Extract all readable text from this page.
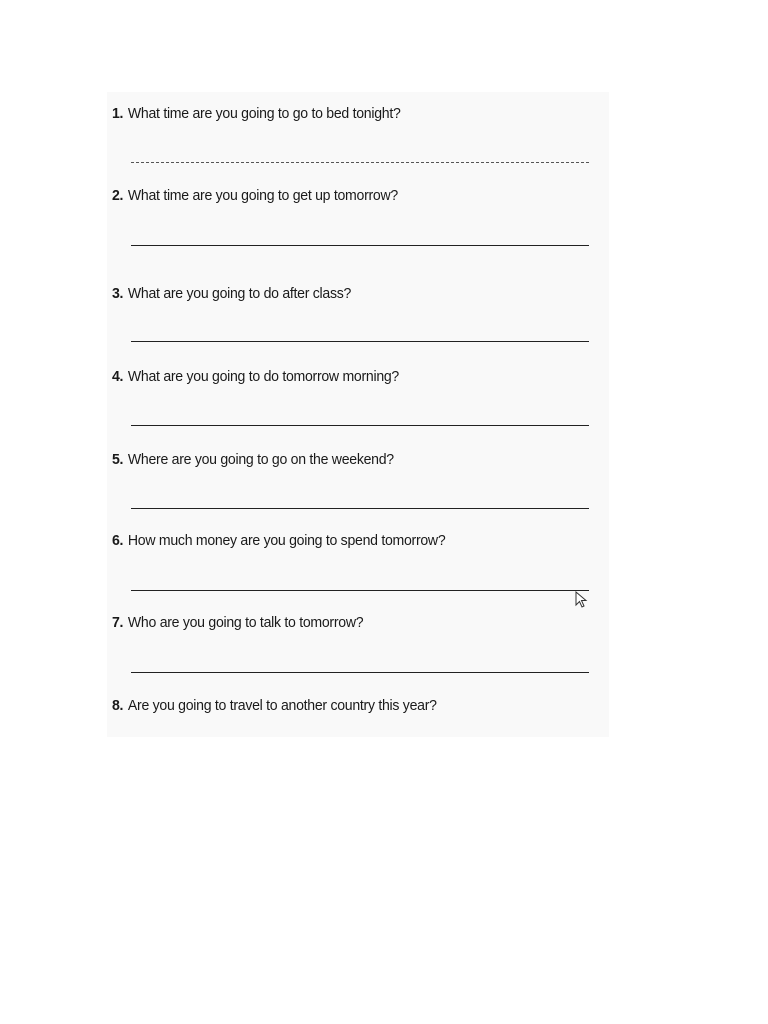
1. What time are you going to go to bed tonight?
2. What time are you going to get up tomorrow?
3. What are you going to do after class?
4. What are you going to do tomorrow morning?
5. Where are you going to go on the weekend?
6. How much money are you going to spend tomorrow?
7. Who are you going to talk to tomorrow?
8. Are you going to travel to another country this year?
